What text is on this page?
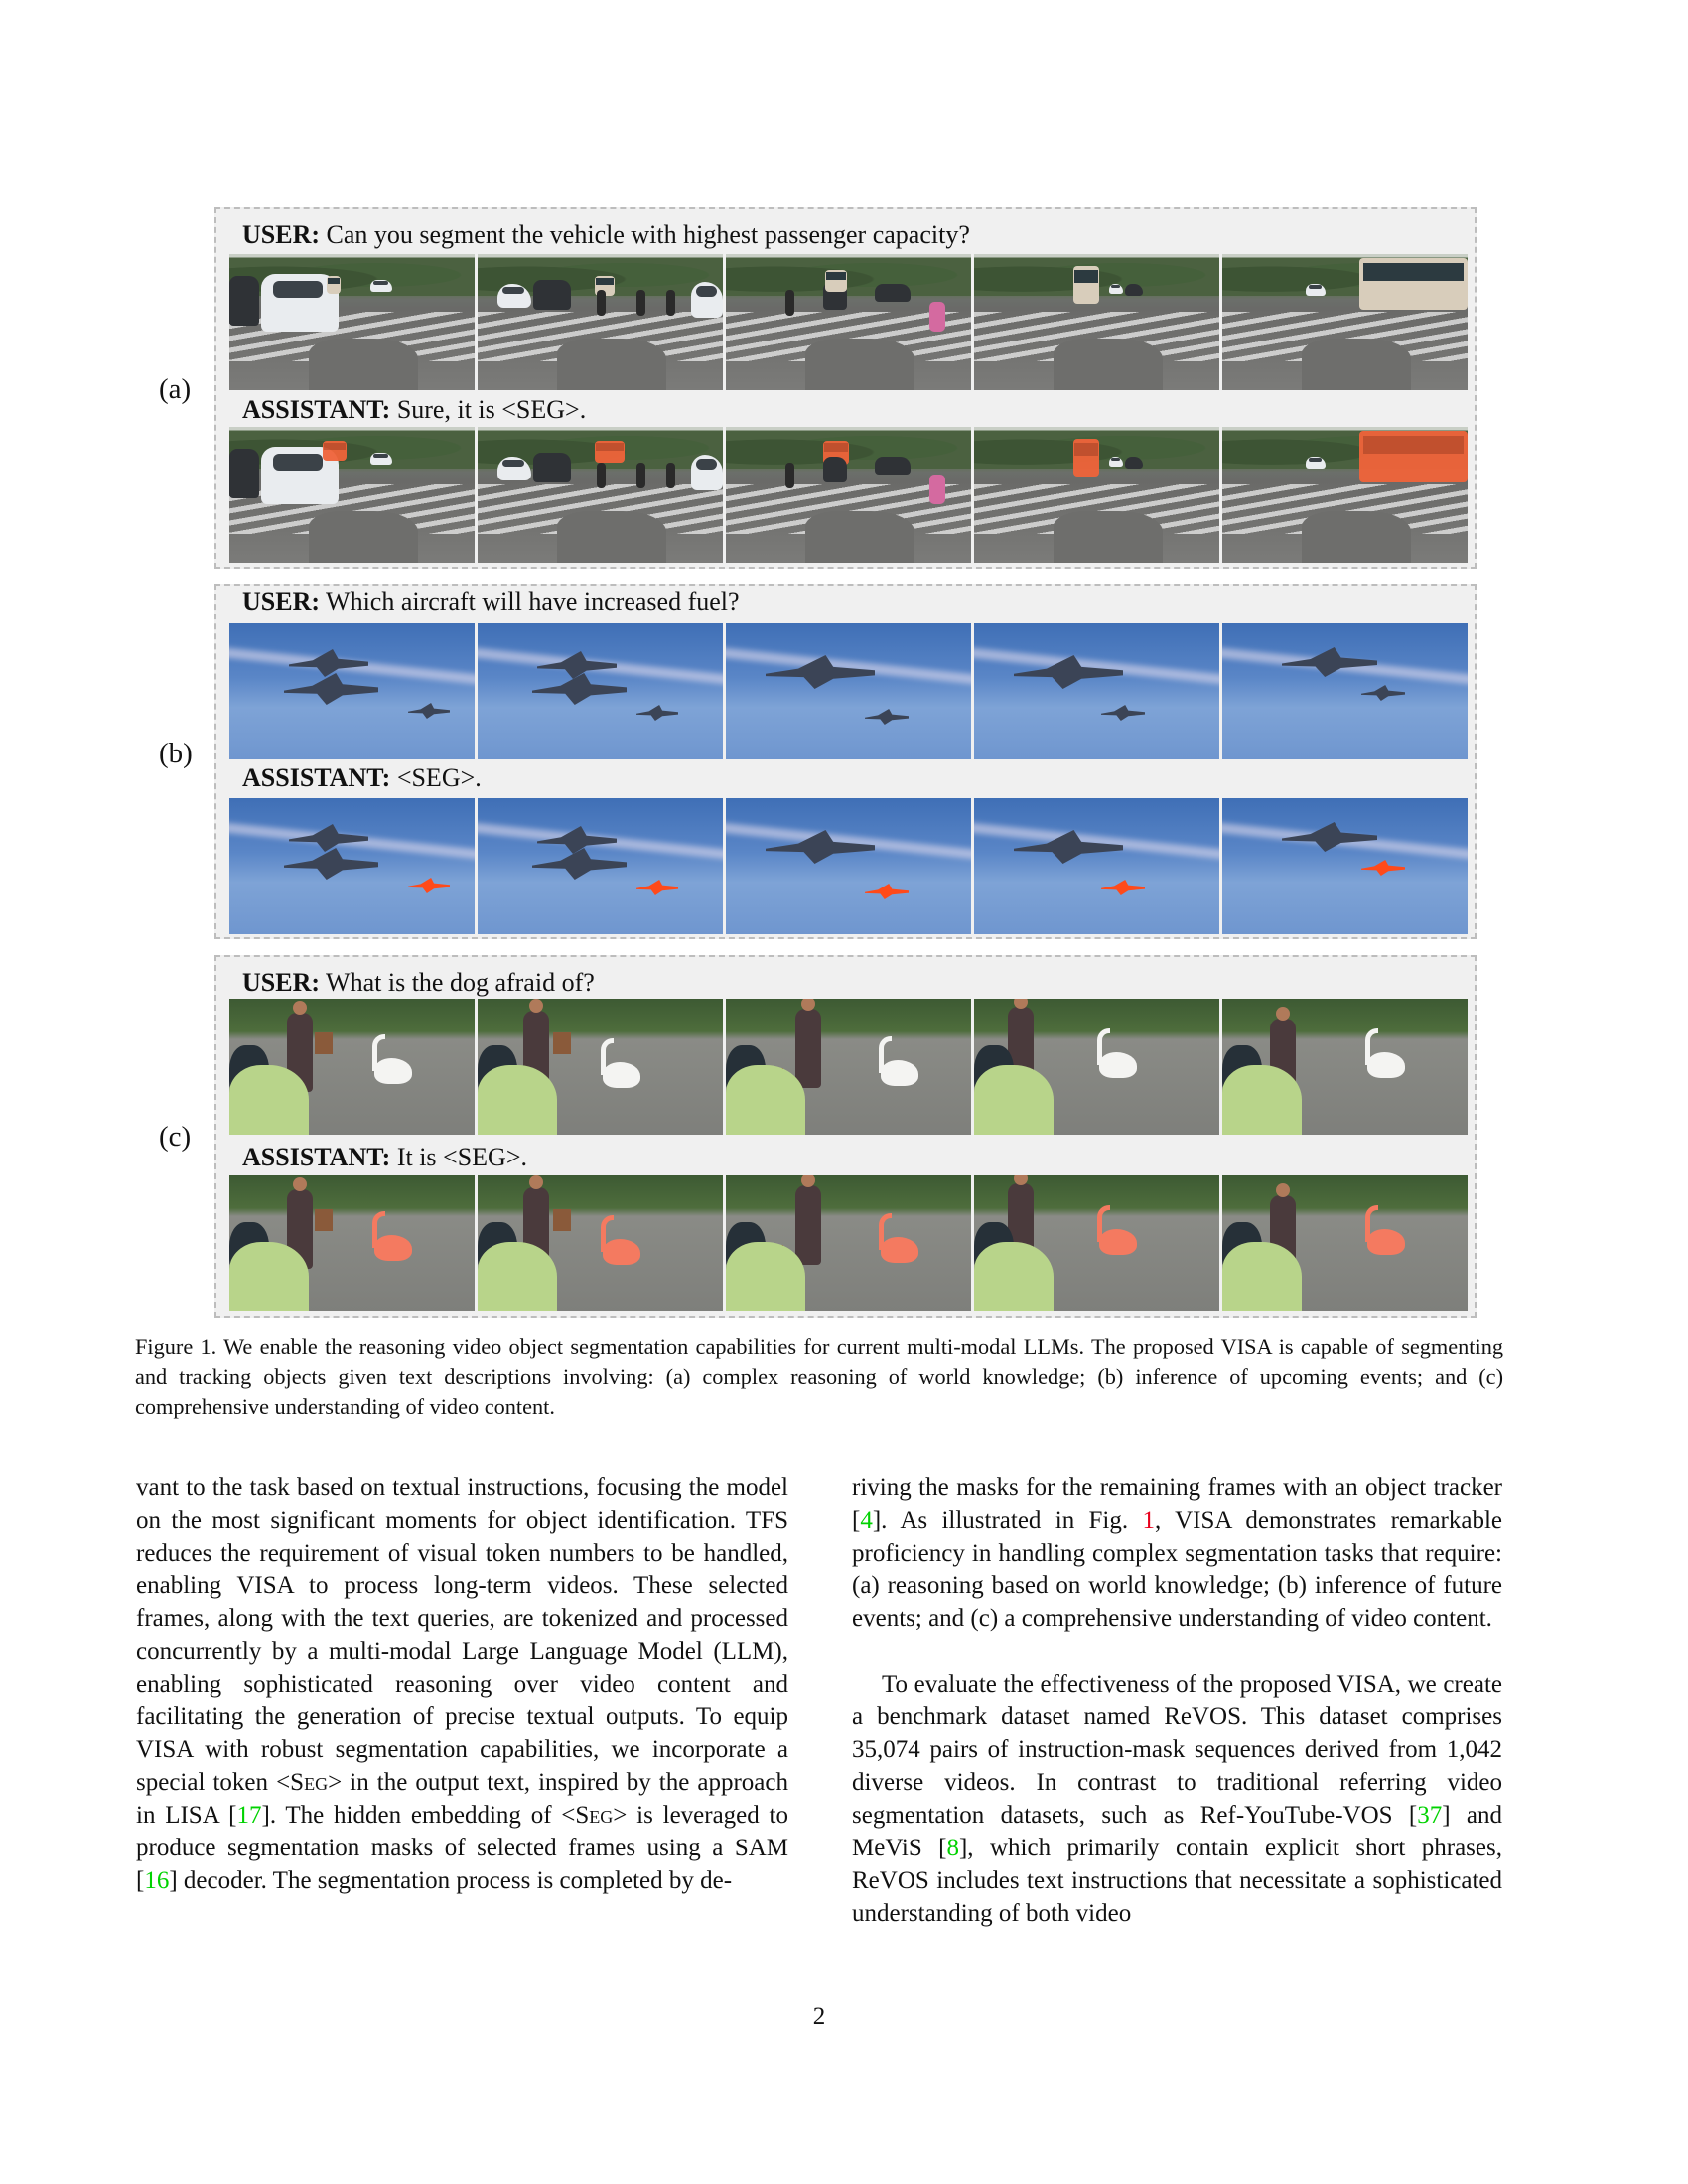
(a)
USER: Can you segment the vehicle with highest passenger capacity?
ASSISTANT: Sure, it is <SEG>.
(b)
USER: Which aircraft will have increased fuel?
ASSISTANT: <SEG>.
(c)
USER: What is the dog afraid of?
ASSISTANT: It is <SEG>.
Figure 1. We enable the reasoning video object segmentation capabilities for current multi-modal LLMs. The proposed VISA is capable of segmenting and tracking objects given text descriptions involving: (a) complex reasoning of world knowledge; (b) inference of upcoming events; and (c) comprehensive understanding of video content.

vant to the task based on textual instructions, focusing the model on the most significant moments for object identification. TFS reduces the requirement of visual token numbers to be handled, enabling VISA to process long-term videos. These selected frames, along with the text queries, are tokenized and processed concurrently by a multi-modal Large Language Model (LLM), enabling sophisticated reasoning over video content and facilitating the generation of precise textual outputs. To equip VISA with robust segmentation capabilities, we incorporate a special token <Seg> in the output text, inspired by the approach in LISA [17]. The hidden embedding of <Seg> is leveraged to produce segmentation masks of selected frames using a SAM [16] decoder. The segmentation process is completed by de-

riving the masks for the remaining frames with an object tracker [4]. As illustrated in Fig. 1, VISA demonstrates remarkable proficiency in handling complex segmentation tasks that require: (a) reasoning based on world knowledge; (b) inference of future events; and (c) a comprehensive understanding of video content.

To evaluate the effectiveness of the proposed VISA, we create a benchmark dataset named ReVOS. This dataset comprises 35,074 pairs of instruction-mask sequences derived from 1,042 diverse videos. In contrast to traditional referring video segmentation datasets, such as Ref-YouTube-VOS [37] and MeViS [8], which primarily contain explicit short phrases, ReVOS includes text instructions that necessitate a sophisticated understanding of both video

2
